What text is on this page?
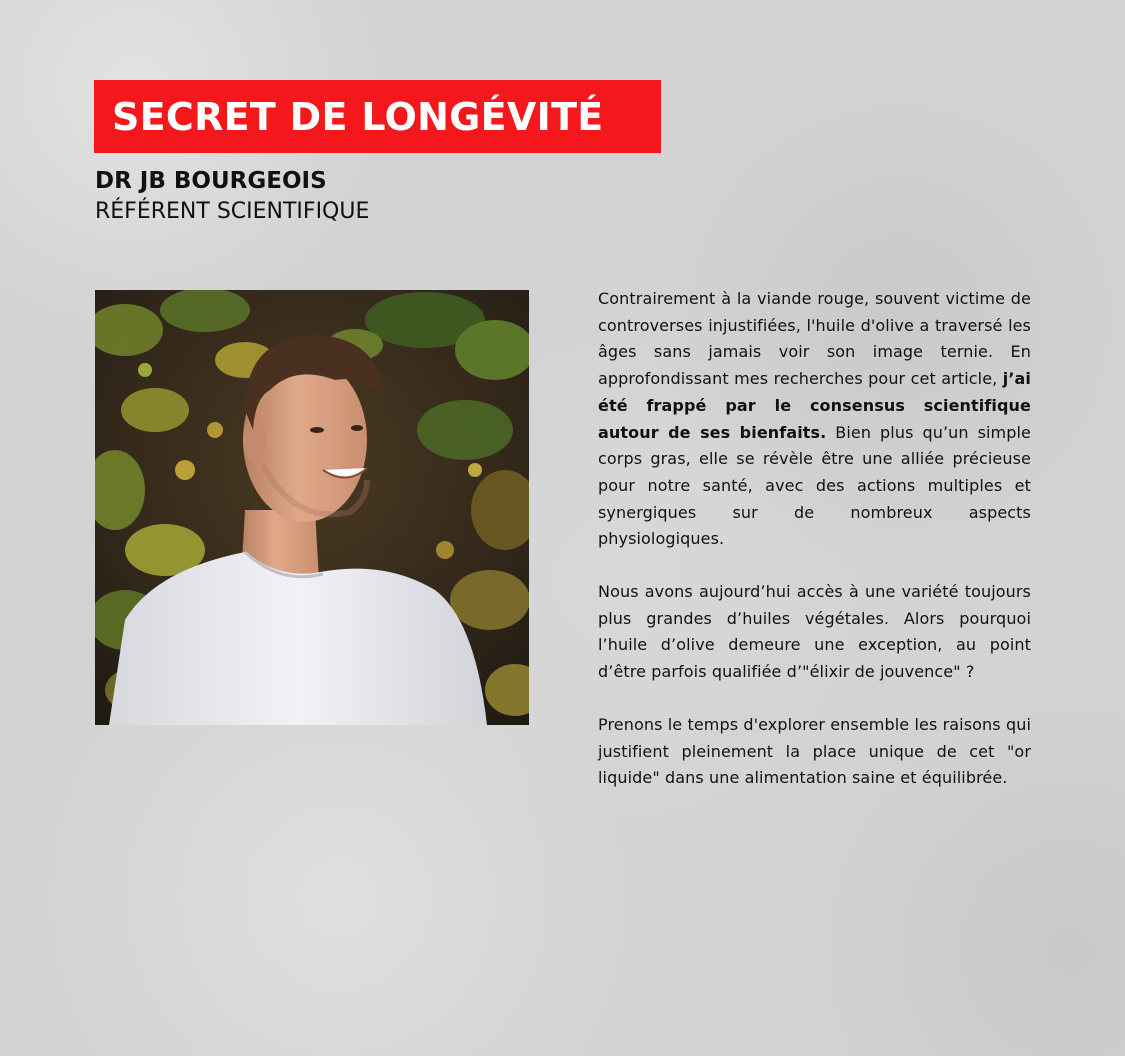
SECRET DE LONGÉVITÉ

DR JB BOURGEOIS

RÉFÉRENT SCIENTIFIQUE

Contrairement à la viande rouge, souvent victime de controverses injustifiées, l'huile d'olive a traversé les âges sans jamais voir son image ternie. En approfondissant mes recherches pour cet article, j’ai été frappé par le consensus scientifique autour de ses bienfaits. Bien plus qu’un simple corps gras, elle se révèle être une alliée précieuse pour notre santé, avec des actions multiples et synergiques sur de nombreux aspects physiologiques.

Nous avons aujourd’hui accès à une variété toujours plus grandes d’huiles végétales. Alors pourquoi l’huile d’olive demeure une exception, au point d’être parfois qualifiée d’"élixir de jouvence" ?

Prenons le temps d'explorer ensemble les raisons qui justifient pleinement la place unique de cet "or liquide" dans une alimentation saine et équilibrée.
